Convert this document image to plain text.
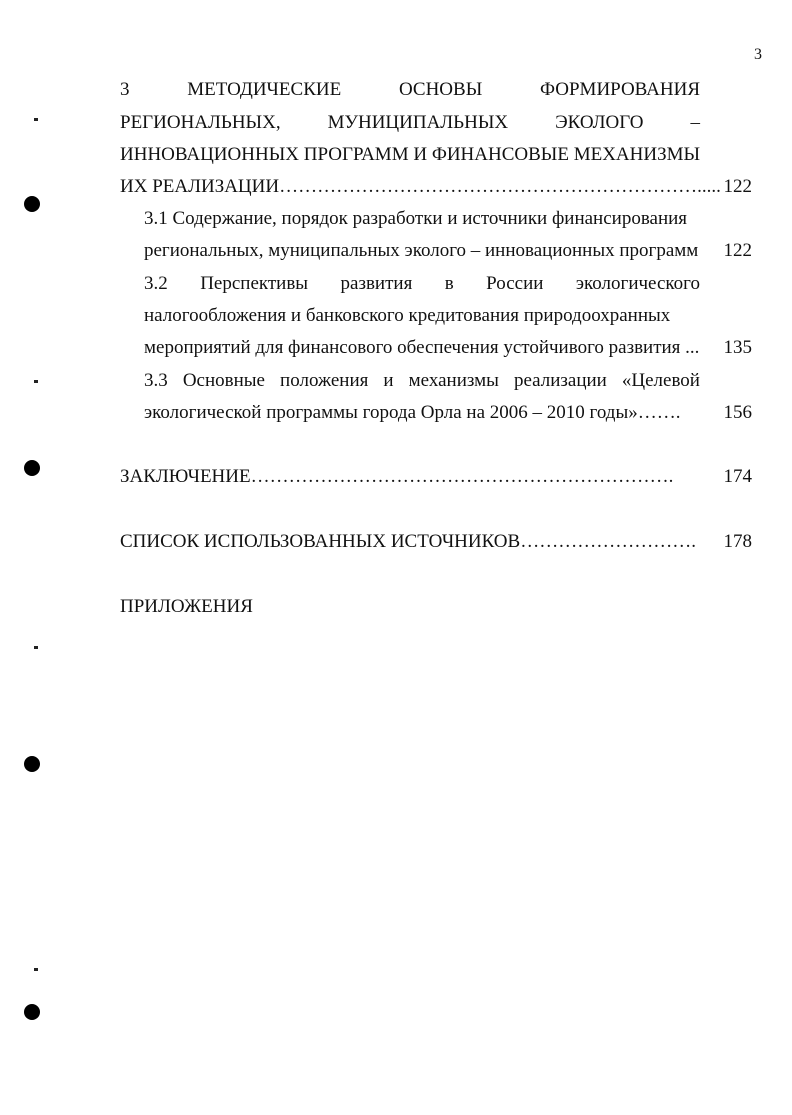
3
3	МЕТОДИЧЕСКИЕ	ОСНОВЫ	ФОРМИРОВАНИЯ
РЕГИОНАЛЬНЫХ, МУНИЦИПАЛЬНЫХ ЭКОЛОГО –
ИННОВАЦИОННЫХ ПРОГРАММ И ФИНАНСОВЫЕ МЕХАНИЗМЫ
ИХ РЕАЛИЗАЦИИ…………………………………………………………..... 122
3.1 Содержание, порядок разработки и источники финансирования
региональных, муниципальных эколого – инновационных программ 122
3.2 Перспективы развития в России экологического
налогообложения и банковского кредитования природоохранных
мероприятий для финансового обеспечения устойчивого развития ... 135
3.3 Основные положения и механизмы реализации «Целевой
экологической программы города Орла на 2006 – 2010 годы»……. 156
ЗАКЛЮЧЕНИЕ………………………………………………………….	174
СПИСОК ИСПОЛЬЗОВАННЫХ ИСТОЧНИКОВ………………………. 178
ПРИЛОЖЕНИЯ
